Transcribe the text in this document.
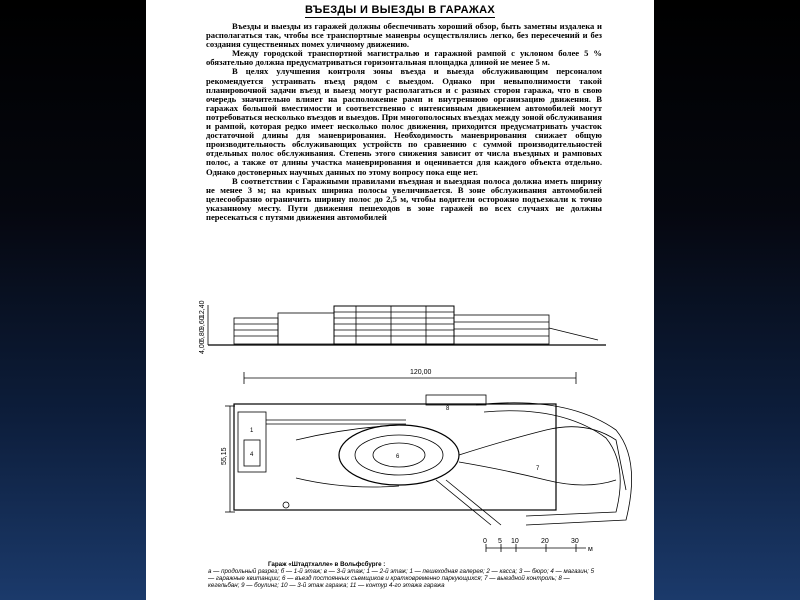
ВЪЕЗДЫ И ВЫЕЗДЫ В ГАРАЖАХ

Въезды и выезды из гаражей должны обеспечивать хороший обзор, быть заметны издалека и располагаться так, чтобы все транспортные маневры осуществлялись легко, без пересечений и без создания существенных помех уличному движению.

Между городской транспортной магистралью и гаражной рампой с уклоном более 5 % обязательно должна предусматриваться горизонтальная площадка длиной не менее 5 м.

В целях улучшения контроля зоны въезда и выезда обслуживающим персоналом рекомендуется устраивать въезд рядом с выездом. Однако при невыполнимости такой планировочной задачи въезд и выезд могут располагаться и с разных сторон гаража, что в свою очередь значительно влияет на расположение рамп и внутреннюю организацию движения. В гаражах большой вместимости и соответственно с интенсивным движением автомобилей могут потребоваться несколько въездов и выездов. При многополосных въездах между зоной обслуживания и рампой, которая редко имеет несколько полос движения, приходится предусматривать участок достаточной длины для маневрирования. Необходимость маневрирования снижает общую производительность обслуживающих устройств по сравнению с суммой производительностей отдельных полос обслуживания. Степень этого снижения зависит от числа въездных и рамповых полос, а также от длины участка маневрирования и оценивается для каждого объекта отдельно. Однако достоверных научных данных по этому вопросу пока еще нет.

В соответствии с Гаражными правилами въездная и выездная полоса должна иметь ширину не менее 3 м; на кривых ширина полосы увеличивается. В зоне обслуживания автомобилей целесообразно ограничить ширину полос до 2,5 м, чтобы водители осторожно подъезжали к точно указанному месту. Пути движения пешеходов в зоне гаражей во всех случаях не должны пересекаться с путями движения автомобилей

120,00
55,15
12,40
9,60
6,80
4,00
0 5 10	20	30
м
1
4	6
7
8
Гараж «Штадтхалле» в Вольфсбурге :
а — продольный разрез; б — 1-й этаж; в — 3-й этаж; 1 — 2-й этаж; 1 — пешеходная галерея; 2 — касса; 3 — бюро; 4 — магазин; 5 — гаражные квитанции; 6 — въезд постоянных съемщиков и кратковременно паркующихся; 7 — выездной контроль; 8 — кегельбан; 9 — боулинг; 10 — 3-й этаж гаража; 11 — контур 4-го этажа гаража
